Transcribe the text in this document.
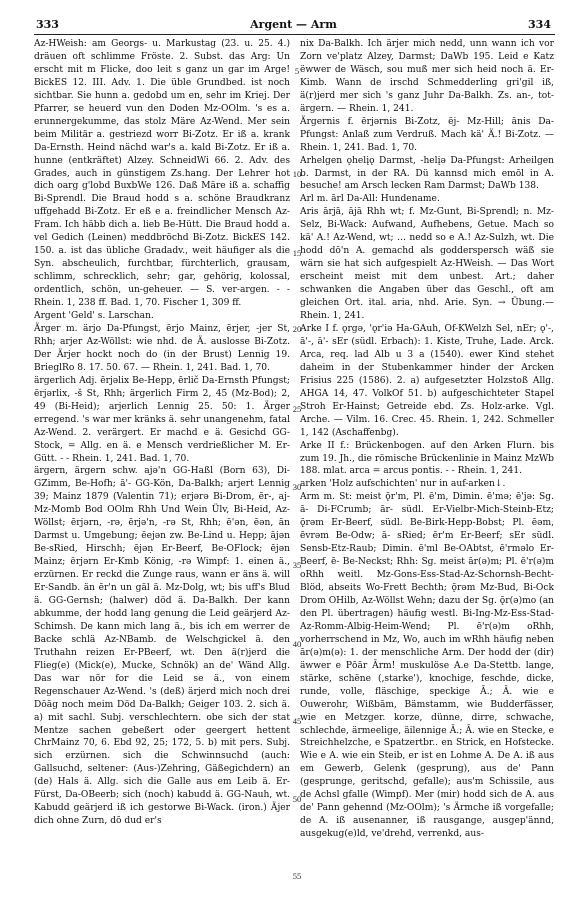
333	Argent — Arm	334

Az-HWeish: am Georgs- u. Markustag (23. u. 25. 4.) dräuen oft schlimme Fröste. 2. Subst. das Arg: Un erscht mit m Flicke, doo leit s ganz un gar im Arge! BickES 12. III. Adv. 1. Die üble Grundbed. ist noch sichtbar. Sie hunn a. gedobd um en, sehr im Kriej. Der Pfarrer, se heuerd vun den Doden Mz-OOlm. 's es a. erunnergekumme, das stolz Märe Az-Wend. Mer sein beim Militär a. gestriezd worr Bi-Zotz. Er iß a. krank Da-Ernsth. Heind nächd war's a. kald Bi-Zotz. Er iß a. hunne (entkräftet) Alzey. SchneidWi 66. 2. Adv. des Grades, auch in günstigem Zs.hang. Der Lehrer hot dich oarg g'lobd BuxbWe 126. Daß Märe iß a. schaffig Bi-Sprendl. Die Braud hodd s a. schöne Braudkranz uffgehadd Bi-Zotz. Er eß e a. freindlicher Mensch Az-Fram. Ich häbb dich a. lieb Be-Hütt. Die Braud hodd a. vel Gedich (Leinen) meddbröchd Bi-Zotz. BickES 142. 150. a. ist das übliche Gradadv., weit häufiger als die Syn. abscheulich, furchtbar, fürchterlich, grausam, schlimm, schrecklich, sehr; gar, gehörig, kolossal, ordentlich, schön, un-geheuer. — S. ver-argen. - - Rhein. 1, 238 ff. Bad. 1, 70. Fischer 1, 309 ff.

Argent 'Geld' s. Larschan.

Ärger m. ärjo Da-Pfungst, ērjo Mainz, ērjer, -jer St, Rhh; arjer Az-Wöllst: wie nhd. de Ä. auslosse Bi-Zotz. Der Ärjer hockt noch do (in der Brust) Lennig 19. BrieglRo 8. 17. 50. 67. — Rhein. 1, 241. Bad. 1, 70.

ärgerlich Adj. ērjəlix Be-Hepp, ērlič Da-Ernsth Pfungst; ērjərlix, -š St, Rhh; ärgerlich Firm 2, 45 (Mz-Bod); 2, 49 (Bi-Heid); arjerlich Lennig 25. 50: 1. Ärger erregend. 's war mer kränks ä. sehr unangenehm, fatal Az-Wend. 2. verärgert. Er machd e ä. Gesichd GG-Stock, = Allg. en ä. e Mensch verdrießlicher M. Er-Gütt. - - Rhein. 1, 241. Bad. 1, 70.

ärgern, ärgern schw. ajə'n GG-Haßl (Born 63), Di-GZimm, Be-Hofh; ā'- GG-Kön, Da-Balkh; arjert Lennig 39; Mainz 1879 (Valentin 71); erjərə Bi-Drom, ēr-, aj- Mz-Momb Bod OOlm Rhh Und Wein Ülv, Bi-Heid, Az-Wöllst; ērjərn, -rə, ērjə'n, -rə St, Rhh; ē'ən, ēən, ān Darmst u. Umgebung; ēejən zw. Be-Lind u. Hepp; ājən Be-sRied, Hirschh; ējəṇ Er-Beerf, Be-OFlock; ējən Mainz; ērjərn Er-Kmb König, -rə Wimpf: 1. einen ä., erzürnen. Er reckd die Zunge raus, wann er äns ä. will Er-Sandb. än ēr'n un gäl ä. Mz-Dolg, wt; bis uff's Blud ä. GG-Gernsh; (halwer) död ä. Da-Balkh. Der kann abkumme, der hodd lang genung die Leid geärjerd Az-Schimsh. De kann mich lang ä., bis ich em werrer de Backe schlä Az-NBamb. de Welschgickel ä. den Truthahn reizen Er-PBeerf, wt. Den ä(r)jerd die Flieg(e) (Mick(e), Mucke, Schnök) an de' Wänd Allg. Das war nör for die Leid se ä., von einem Regenschauer Az-Wend. 's (deß) ärjerd mich noch drei Dōāg noch meim Död Da-Balkh; Geiger 103. 2. sich ä. a) mit sachl. Subj. verschlechtern. obe sich der stat Mentze sachen gebeßert oder geergert hettent ChrMainz 70, 6. Ebd 92, 25; 172, 5. b) mit pers. Subj. sich erzürnen. sich die Schwinnsuchd (auch: Gallsuchd, seltener: (Aus-)Zehring, Gäßegichdern) an (de) Hals ä. Allg. sich die Galle aus em Leib ä. Er-Fürst, Da-OBeerb; sich (noch) kabudd ä. GG-Nauh, wt. Kabudd geärjerd iß ich gestorwe Bi-Wack. (iron.) Äjer dich ohne Zurn, dō dud er's

5
10
15
20
25
30
35
40
45
50
55

nix Da-Balkh. Ich ärjer mich nedd, unn wann ich vor Zorn ve'platz Alzey, Darmst; DaWb 195. Leid e Katz ëwwer de Wäsch, sou muß mer sich heid noch ä. Er-Kimb. Wann de irschd Schmedderling gri'gil iß, ä(r)jerd mer sich 's ganz Juhr Da-Balkh. Zs. an-, tot-ärgern. — Rhein. 1, 241.

Ärgernis f. ērjərnis Bi-Zotz, ēj- Mz-Hill; ānis Da-Pfungst: Anlaß zum Verdruß. Mach kä' Ä.! Bi-Zotz. — Rhein. 1, 241. Bad. 1, 70.

Arhelgen ǫhelįǫ Darmst, -helįə Da-Pfungst: Arheilgen b. Darmst, in der RA. Dü kannsd mich emōl in A. besuche! am Arsch lecken Ram Darmst; DaWb 138.

Arl m. ārl Da-All: Hundename.

Aris ārjā, ājā Rhh wt; f. Mz-Gunt, Bi-Sprendl; n. Mz-Selz, Bi-Wack: Aufwand, Aufhebens, Getue. Mach so kä' A.! Az-Wend, wt; … nedd so e A.! Az-Sulzh, wt. Die hodd dō'n A. gemachd als godderspersch wäß sie wärn sie hat sich aufgespielt Az-HWeish. — Das Wort erscheint meist mit dem unbest. Art.; daher schwanken die Angaben über das Geschl., oft am gleichen Ort. ital. aria, nhd. Arie. Syn. → Übung.— Rhein. 1, 241.

Arke I f. ǫrgə, 'ǫr'iə Ha-GAuh, Of-KWelzh Sel, nEr; ǫ'-, ā'-, ā'- sEr (südl. Erbach): 1. Kiste, Truhe, Lade. Arck. Arca, req. lad Alb u 3 a (1540). ewer Kind stehet daheim in der Stubenkammer hinder der Arcken Frisius 225 (1586). 2. a) aufgesetzter Holzstoß Allg. AHGA 14, 47. VolkOf 51. b) aufgeschichteter Stapel Stroh Er-Hainst; Getreide ebd. Zs. Holz-arke. Vgl. Arche. — Vilm. 16. Crec. 45. Rhein. 1, 242. Schmeller 1, 142 (Aschaffenbg).

Arke II f.: Brückenbogen. auf den Arken Flurn. bis zum 19. Jh., die römische Brückenlinie in Mainz MzWb 188. mlat. arca = arcus pontis. - - Rhein. 1, 241.

arken 'Holz aufschichten' nur in auf-arken↓.

Arm m. St: meist ǭr'm, Pl. ē'm, Dimin. ē'mə; ē'jə: Sg. ā- Di-FCrumb; ār- südl. Er-Vielbr-Mich-Steinb-Etz; ǭrəm Er-Beerf, südl. Be-Birk-Hepp-Bobst; Pl. ēəm, ēvrəm Be-Odw; ā- sRied; ēr'm Er-Beerf; sEr südl. Sensb-Etz-Raub; Dimin. ē'ml Be-OAbtst, ē'rməlo Er-Beerf, ē- Be-Neckst; Rhh: Sg. meist ār(ə)m; Pl. ē'r(ə)m oRhh weitl. Mz-Gons-Ess-Stad-Az-Schornsh-Becht-Blöd, abseits Wo-Frett Bechth; ǭrəm Mz-Bud, Bi-Ock Drom OHilb, Az-Wöllst Wehn; dazu der Sg. ǭr(ə)mo (an den Pl. übertragen) häufig westl. Bi-Ing-Mz-Ess-Stad-Az-Romm-Albig-Heim-Wend; Pl. ē'r(ə)m oRhh, vorherrschend in Mz, Wo, auch im wRhh häufig neben ār(ə)m(ə): 1. der menschliche Arm. Der hodd der (dir) äwwer e Pōär Ārm! muskulöse A.e Da-Stettb. lange, stärke, schëne (‚starke'), knochige, feschde, dicke, runde, volle, fläschige, speckige Ā.; Ā. wie e Ouwerohr, Wißbām, Bämstamm, wie Budderfässer, wie en Metzger. korze, dünne, dirre, schwache, schlechde, ärmeelige, äilennige Ā.; Ā. wie en Stecke, e Streichhelzche, e Spatzertbr.. en Strick, en Hofstecke. Wie e A. wie ein Steib, er ist en Lohme A. De A. iß aus em Gewerb, Gelenk (gesprung), aus de' Pann (gesprunge, geritschd, gefalle); aus'm Schissile, aus de Achsl gfalle (Wimpf). Mer (mir) hodd sich de A. aus de' Pann gehennd (Mz-OOlm); 's Ärmche iß vorgefalle; de A. iß ausenanner, iß rausgange, ausgep'ännd, ausgekug(e)ld, ve'drehd, verrenkd, aus-
